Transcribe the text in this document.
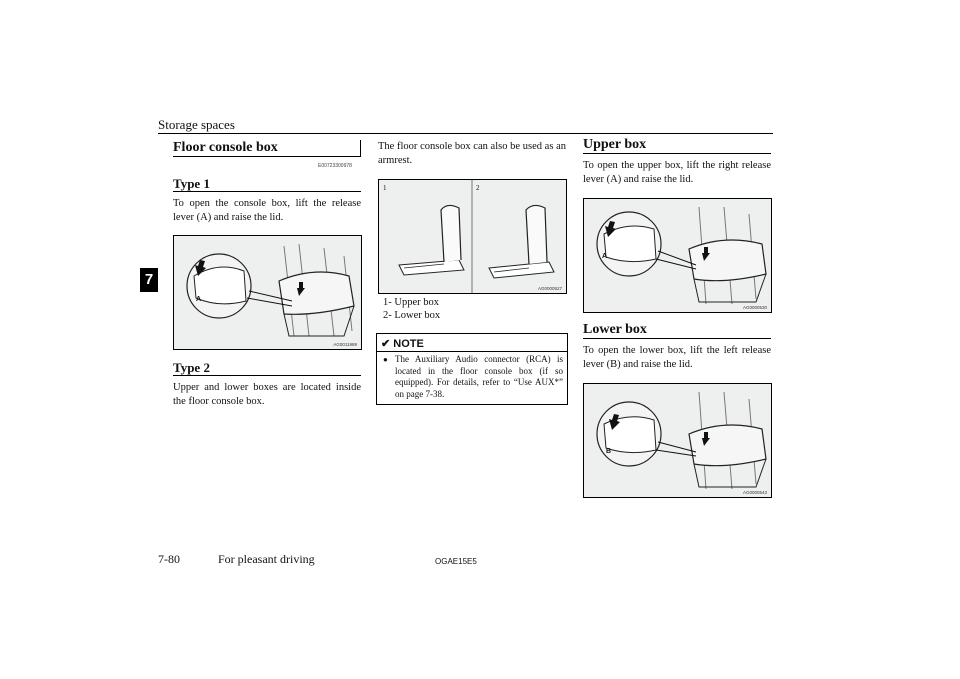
Storage spaces
7
Floor console box
E00723300978
Type 1
To open the console box, lift the release lever (A) and raise the lid.
A
AG0011989
Type 2
Upper and lower boxes are located inside the floor console box.
The floor console box can also be used as an armrest.
1	2
AG0000527
1- Upper box
2- Lower box
✔ NOTE
● The Auxiliary Audio connector (RCA) is located in the floor console box (if so equipped). For details, refer to “Use AUX*” on page 7-38.
Upper box
To open the upper box, lift the right release lever (A) and raise the lid.
A
AG0000530
Lower box
To open the lower box, lift the left release lever (B) and raise the lid.
B
AG0000543
7-80	For pleasant driving	OGAE15E5
